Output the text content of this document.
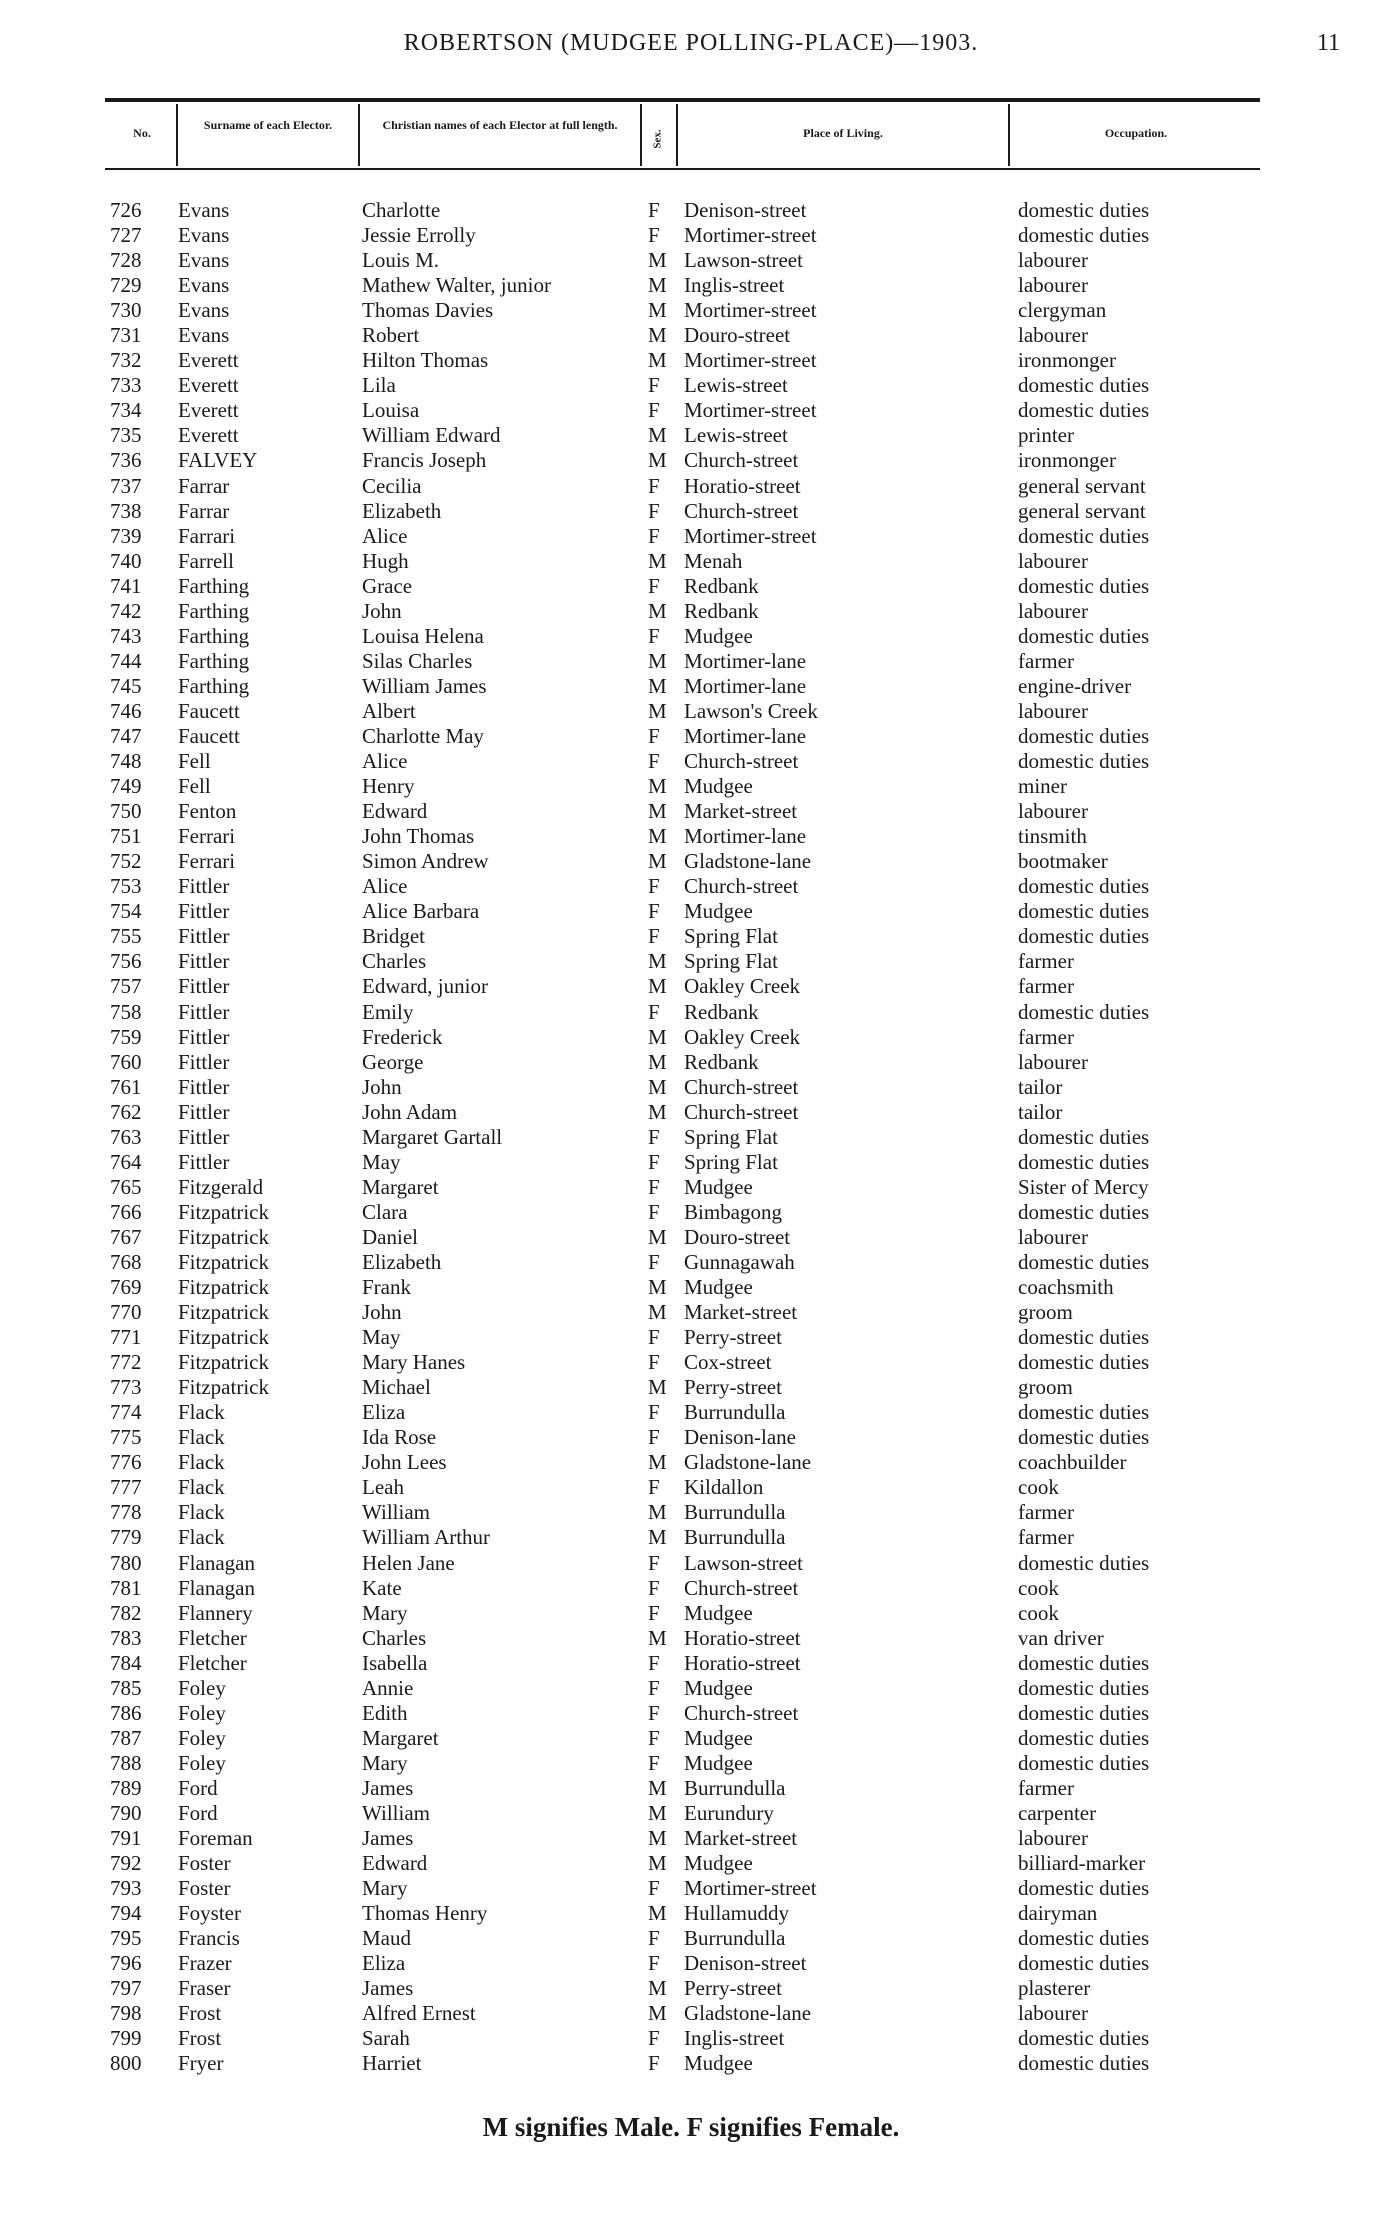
ROBERTSON (MUDGEE POLLING-PLACE)—1903.	11
No.
Surname of each Elector.	Christian names of each Elector at full length.
Sex.	Place of Living.	Occupation.
726	Evans	Charlotte	F	Denison-street	domestic duties
727	Evans	Jessie Errolly	F	Mortimer-street	domestic duties
728	Evans	Louis M.	M Lawson-street	labourer
729	Evans	Mathew Walter, junior	M Inglis-street	labourer
730	Evans	Thomas Davies	M Mortimer-street	clergyman
731	Evans	Robert	M Douro-street	labourer
732	Everett	Hilton Thomas	M Mortimer-street	ironmonger
733	Everett	Lila	F	Lewis-street	domestic duties
734	Everett	Louisa	F	Mortimer-street	domestic duties
735	Everett	William Edward	M Lewis-street	printer
736	FALVEY	Francis Joseph	M Church-street	ironmonger
737	Farrar	Cecilia	F	Horatio-street	general servant
738	Farrar	Elizabeth	F	Church-street	general servant
739	Farrari	Alice	F	Mortimer-street	domestic duties
740	Farrell	Hugh	M Menah	labourer
741	Farthing	Grace	F	Redbank	domestic duties
742	Farthing	John	M Redbank	labourer
743	Farthing	Louisa Helena	F	Mudgee	domestic duties
744	Farthing	Silas Charles	M Mortimer-lane	farmer
745	Farthing	William James	M Mortimer-lane	engine-driver
746	Faucett	Albert	M Lawson's Creek	labourer
747	Faucett	Charlotte May	F	Mortimer-lane	domestic duties
748	Fell	Alice	F	Church-street	domestic duties
749	Fell	Henry	M Mudgee	miner
750	Fenton	Edward	M Market-street	labourer
751	Ferrari	John Thomas	M Mortimer-lane	tinsmith
752	Ferrari	Simon Andrew	M Gladstone-lane	bootmaker
753	Fittler	Alice	F	Church-street	domestic duties
754	Fittler	Alice Barbara	F	Mudgee	domestic duties
755	Fittler	Bridget	F	Spring Flat	domestic duties
756	Fittler	Charles	M Spring Flat	farmer
757	Fittler	Edward, junior	M Oakley Creek	farmer
758	Fittler	Emily	F	Redbank	domestic duties
759	Fittler	Frederick	M Oakley Creek	farmer
760	Fittler	George	M Redbank	labourer
761	Fittler	John	M Church-street	tailor
762	Fittler	John Adam	M Church-street	tailor
763	Fittler	Margaret Gartall	F	Spring Flat	domestic duties
764	Fittler	May	F	Spring Flat	domestic duties
765	Fitzgerald	Margaret	F	Mudgee	Sister of Mercy
766	Fitzpatrick	Clara	F	Bimbagong	domestic duties
767	Fitzpatrick	Daniel	M Douro-street	labourer
768	Fitzpatrick	Elizabeth	F	Gunnagawah	domestic duties
769	Fitzpatrick	Frank	M Mudgee	coachsmith
770	Fitzpatrick	John	M Market-street	groom
771	Fitzpatrick	May	F	Perry-street	domestic duties
772	Fitzpatrick	Mary Hanes	F	Cox-street	domestic duties
773	Fitzpatrick	Michael	M Perry-street	groom
774	Flack	Eliza	F	Burrundulla	domestic duties
775	Flack	Ida Rose	F	Denison-lane	domestic duties
776	Flack	John Lees	M Gladstone-lane	coachbuilder
777	Flack	Leah	F	Kildallon	cook
778	Flack	William	M Burrundulla	farmer
779	Flack	William Arthur	M Burrundulla	farmer
780	Flanagan	Helen Jane	F	Lawson-street	domestic duties
781	Flanagan	Kate	F	Church-street	cook
782	Flannery	Mary	F	Mudgee	cook
783	Fletcher	Charles	M Horatio-street	van driver
784	Fletcher	Isabella	F	Horatio-street	domestic duties
785	Foley	Annie	F	Mudgee	domestic duties
786	Foley	Edith	F	Church-street	domestic duties
787	Foley	Margaret	F	Mudgee	domestic duties
788	Foley	Mary	F	Mudgee	domestic duties
789	Ford	James	M Burrundulla	farmer
790	Ford	William	M Eurundury	carpenter
791	Foreman	James	M Market-street	labourer
792	Foster	Edward	M Mudgee	billiard-marker
793	Foster	Mary	F	Mortimer-street	domestic duties
794	Foyster	Thomas Henry	M Hullamuddy	dairyman
795	Francis	Maud	F	Burrundulla	domestic duties
796	Frazer	Eliza	F	Denison-street	domestic duties
797	Fraser	James	M Perry-street	plasterer
798	Frost	Alfred Ernest	M Gladstone-lane	labourer
799	Frost	Sarah	F	Inglis-street	domestic duties
800	Fryer	Harriet	F	Mudgee	domestic duties
M signifies Male. F signifies Female.
